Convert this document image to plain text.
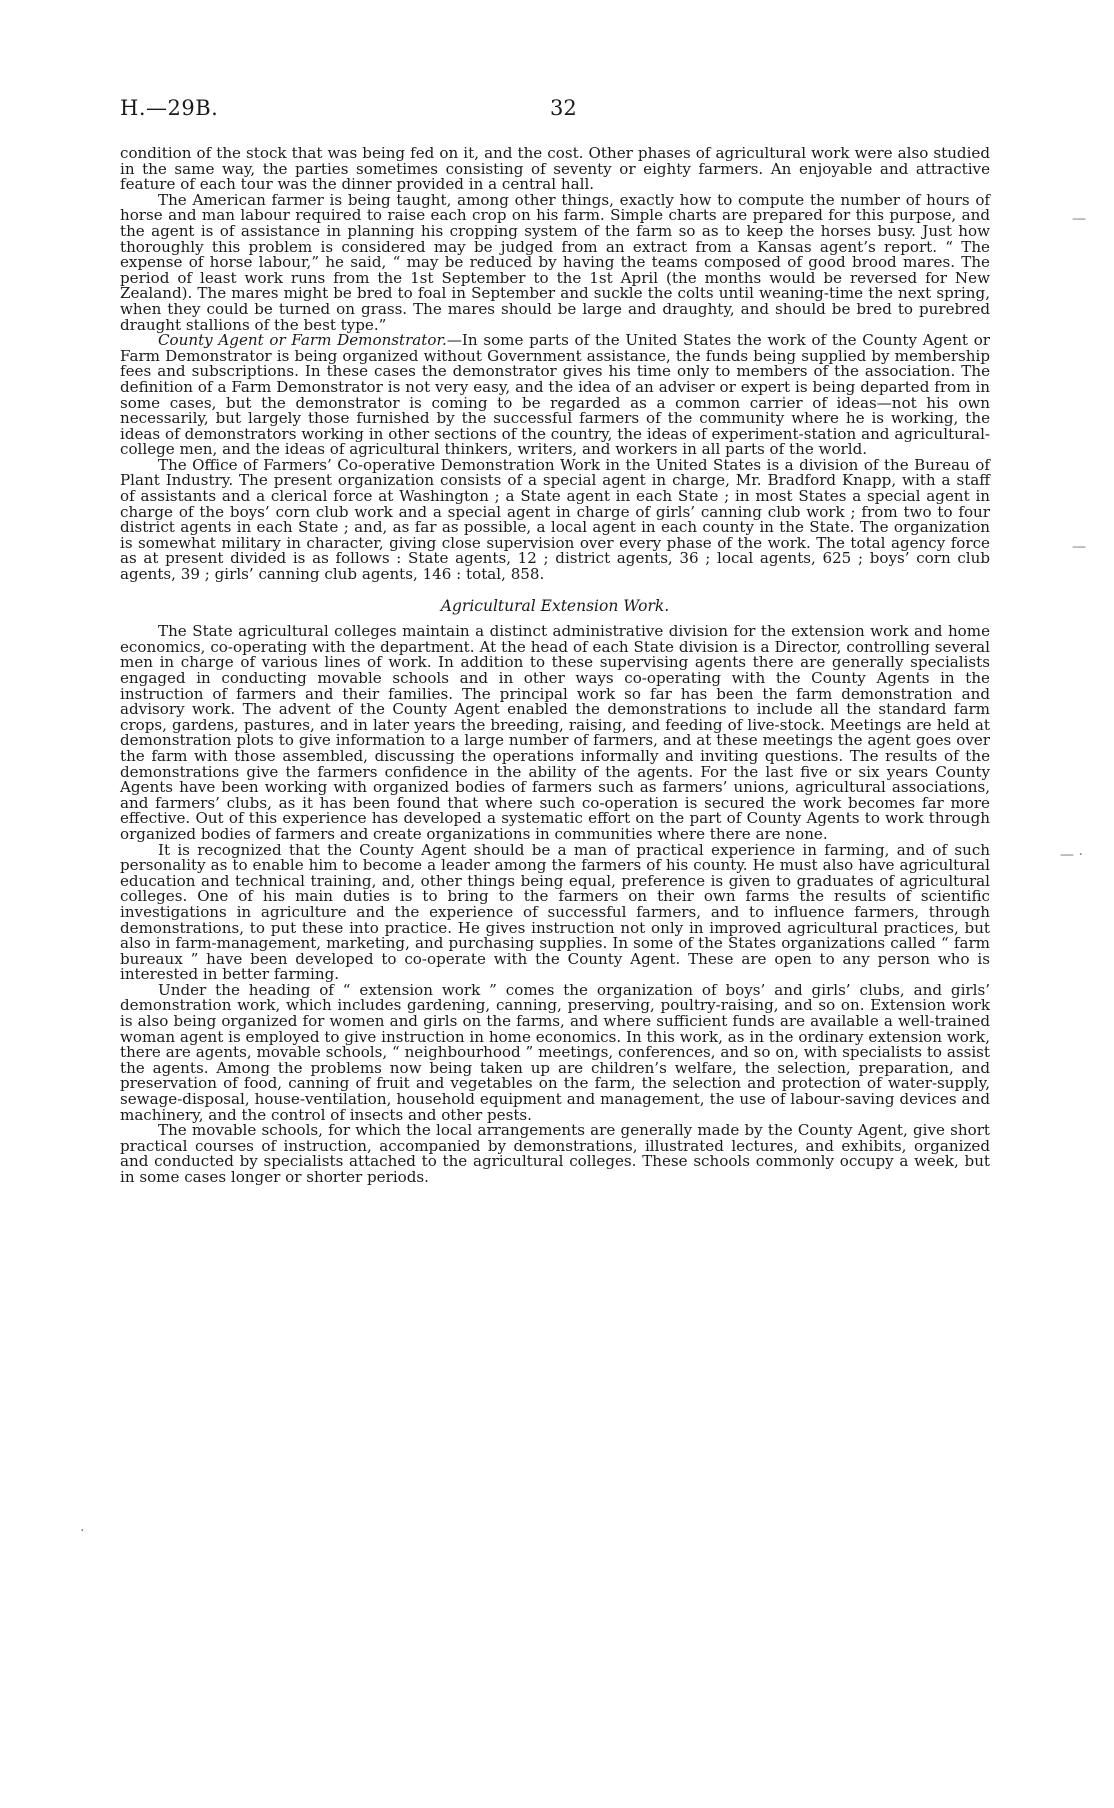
H.—29B.	32
—
—
— ·
·

condition of the stock that was being fed on it, and the cost. Other phases of agricultural work were also studied in the same way, the parties sometimes consisting of seventy or eighty farmers. An enjoyable and attractive feature of each tour was the dinner provided in a central hall.

The American farmer is being taught, among other things, exactly how to compute the number of hours of horse and man labour required to raise each crop on his farm. Simple charts are prepared for this purpose, and the agent is of assistance in planning his cropping system of the farm so as to keep the horses busy. Just how thoroughly this problem is considered may be judged from an extract from a Kansas agent’s report. “ The expense of horse labour,” he said, “ may be reduced by having the teams composed of good brood mares. The period of least work runs from the 1st September to the 1st April (the months would be reversed for New Zealand). The mares might be bred to foal in September and suckle the colts until weaning-time the next spring, when they could be turned on grass. The mares should be large and draughty, and should be bred to purebred draught stallions of the best type.”

County Agent or Farm Demonstrator.—In some parts of the United States the work of the County Agent or Farm Demonstrator is being organized without Government assistance, the funds being supplied by membership fees and subscriptions. In these cases the demonstrator gives his time only to members of the association. The definition of a Farm Demonstrator is not very easy, and the idea of an adviser or expert is being departed from in some cases, but the demonstrator is coming to be regarded as a common carrier of ideas—not his own necessarily, but largely those furnished by the successful farmers of the community where he is working, the ideas of demonstrators working in other sections of the country, the ideas of experiment-station and agricultural-college men, and the ideas of agricultural thinkers, writers, and workers in all parts of the world.

The Office of Farmers’ Co-operative Demonstration Work in the United States is a division of the Bureau of Plant Industry. The present organization consists of a special agent in charge, Mr. Bradford Knapp, with a staff of assistants and a clerical force at Washington ; a State agent in each State ; in most States a special agent in charge of the boys’ corn club work and a special agent in charge of girls’ canning club work ; from two to four district agents in each State ; and, as far as possible, a local agent in each county in the State. The organization is somewhat military in character, giving close supervision over every phase of the work. The total agency force as at present divided is as follows : State agents, 12 ; district agents, 36 ; local agents, 625 ; boys’ corn club agents, 39 ; girls’ canning club agents, 146 : total, 858.

Agricultural Extension Work.

The State agricultural colleges maintain a distinct administrative division for the extension work and home economics, co-operating with the department. At the head of each State division is a Director, controlling several men in charge of various lines of work. In addition to these supervising agents there are generally specialists engaged in conducting movable schools and in other ways co-operating with the County Agents in the instruction of farmers and their families. The principal work so far has been the farm demonstration and advisory work. The advent of the County Agent enabled the demonstrations to include all the standard farm crops, gardens, pastures, and in later years the breeding, raising, and feeding of live-stock. Meetings are held at demonstration plots to give information to a large number of farmers, and at these meetings the agent goes over the farm with those assembled, discussing the operations informally and inviting questions. The results of the demonstrations give the farmers confidence in the ability of the agents. For the last five or six years County Agents have been working with organized bodies of farmers such as farmers’ unions, agricultural associations, and farmers’ clubs, as it has been found that where such co-operation is secured the work becomes far more effective. Out of this experience has developed a systematic effort on the part of County Agents to work through organized bodies of farmers and create organizations in communities where there are none.

It is recognized that the County Agent should be a man of practical experience in farming, and of such personality as to enable him to become a leader among the farmers of his county. He must also have agricultural education and technical training, and, other things being equal, preference is given to graduates of agricultural colleges. One of his main duties is to bring to the farmers on their own farms the results of scientific investigations in agriculture and the experience of successful farmers, and to influence farmers, through demonstrations, to put these into practice. He gives instruction not only in improved agricultural practices, but also in farm-management, marketing, and purchasing supplies. In some of the States organizations called “ farm bureaux ” have been developed to co-operate with the County Agent. These are open to any person who is interested in better farming.

Under the heading of “ extension work ” comes the organization of boys’ and girls’ clubs, and girls’ demonstration work, which includes gardening, canning, preserving, poultry-raising, and so on. Extension work is also being organized for women and girls on the farms, and where sufficient funds are available a well-trained woman agent is employed to give instruction in home economics. In this work, as in the ordinary extension work, there are agents, movable schools, “ neighbourhood ” meetings, conferences, and so on, with specialists to assist the agents. Among the problems now being taken up are children’s welfare, the selection, preparation, and preservation of food, canning of fruit and vegetables on the farm, the selection and protection of water-supply, sewage-disposal, house-ventilation, household equipment and management, the use of labour-saving devices and machinery, and the control of insects and other pests.

The movable schools, for which the local arrangements are generally made by the County Agent, give short practical courses of instruction, accompanied by demonstrations, illustrated lectures, and exhibits, organized and conducted by specialists attached to the agricultural colleges. These schools commonly occupy a week, but in some cases longer or shorter periods.
